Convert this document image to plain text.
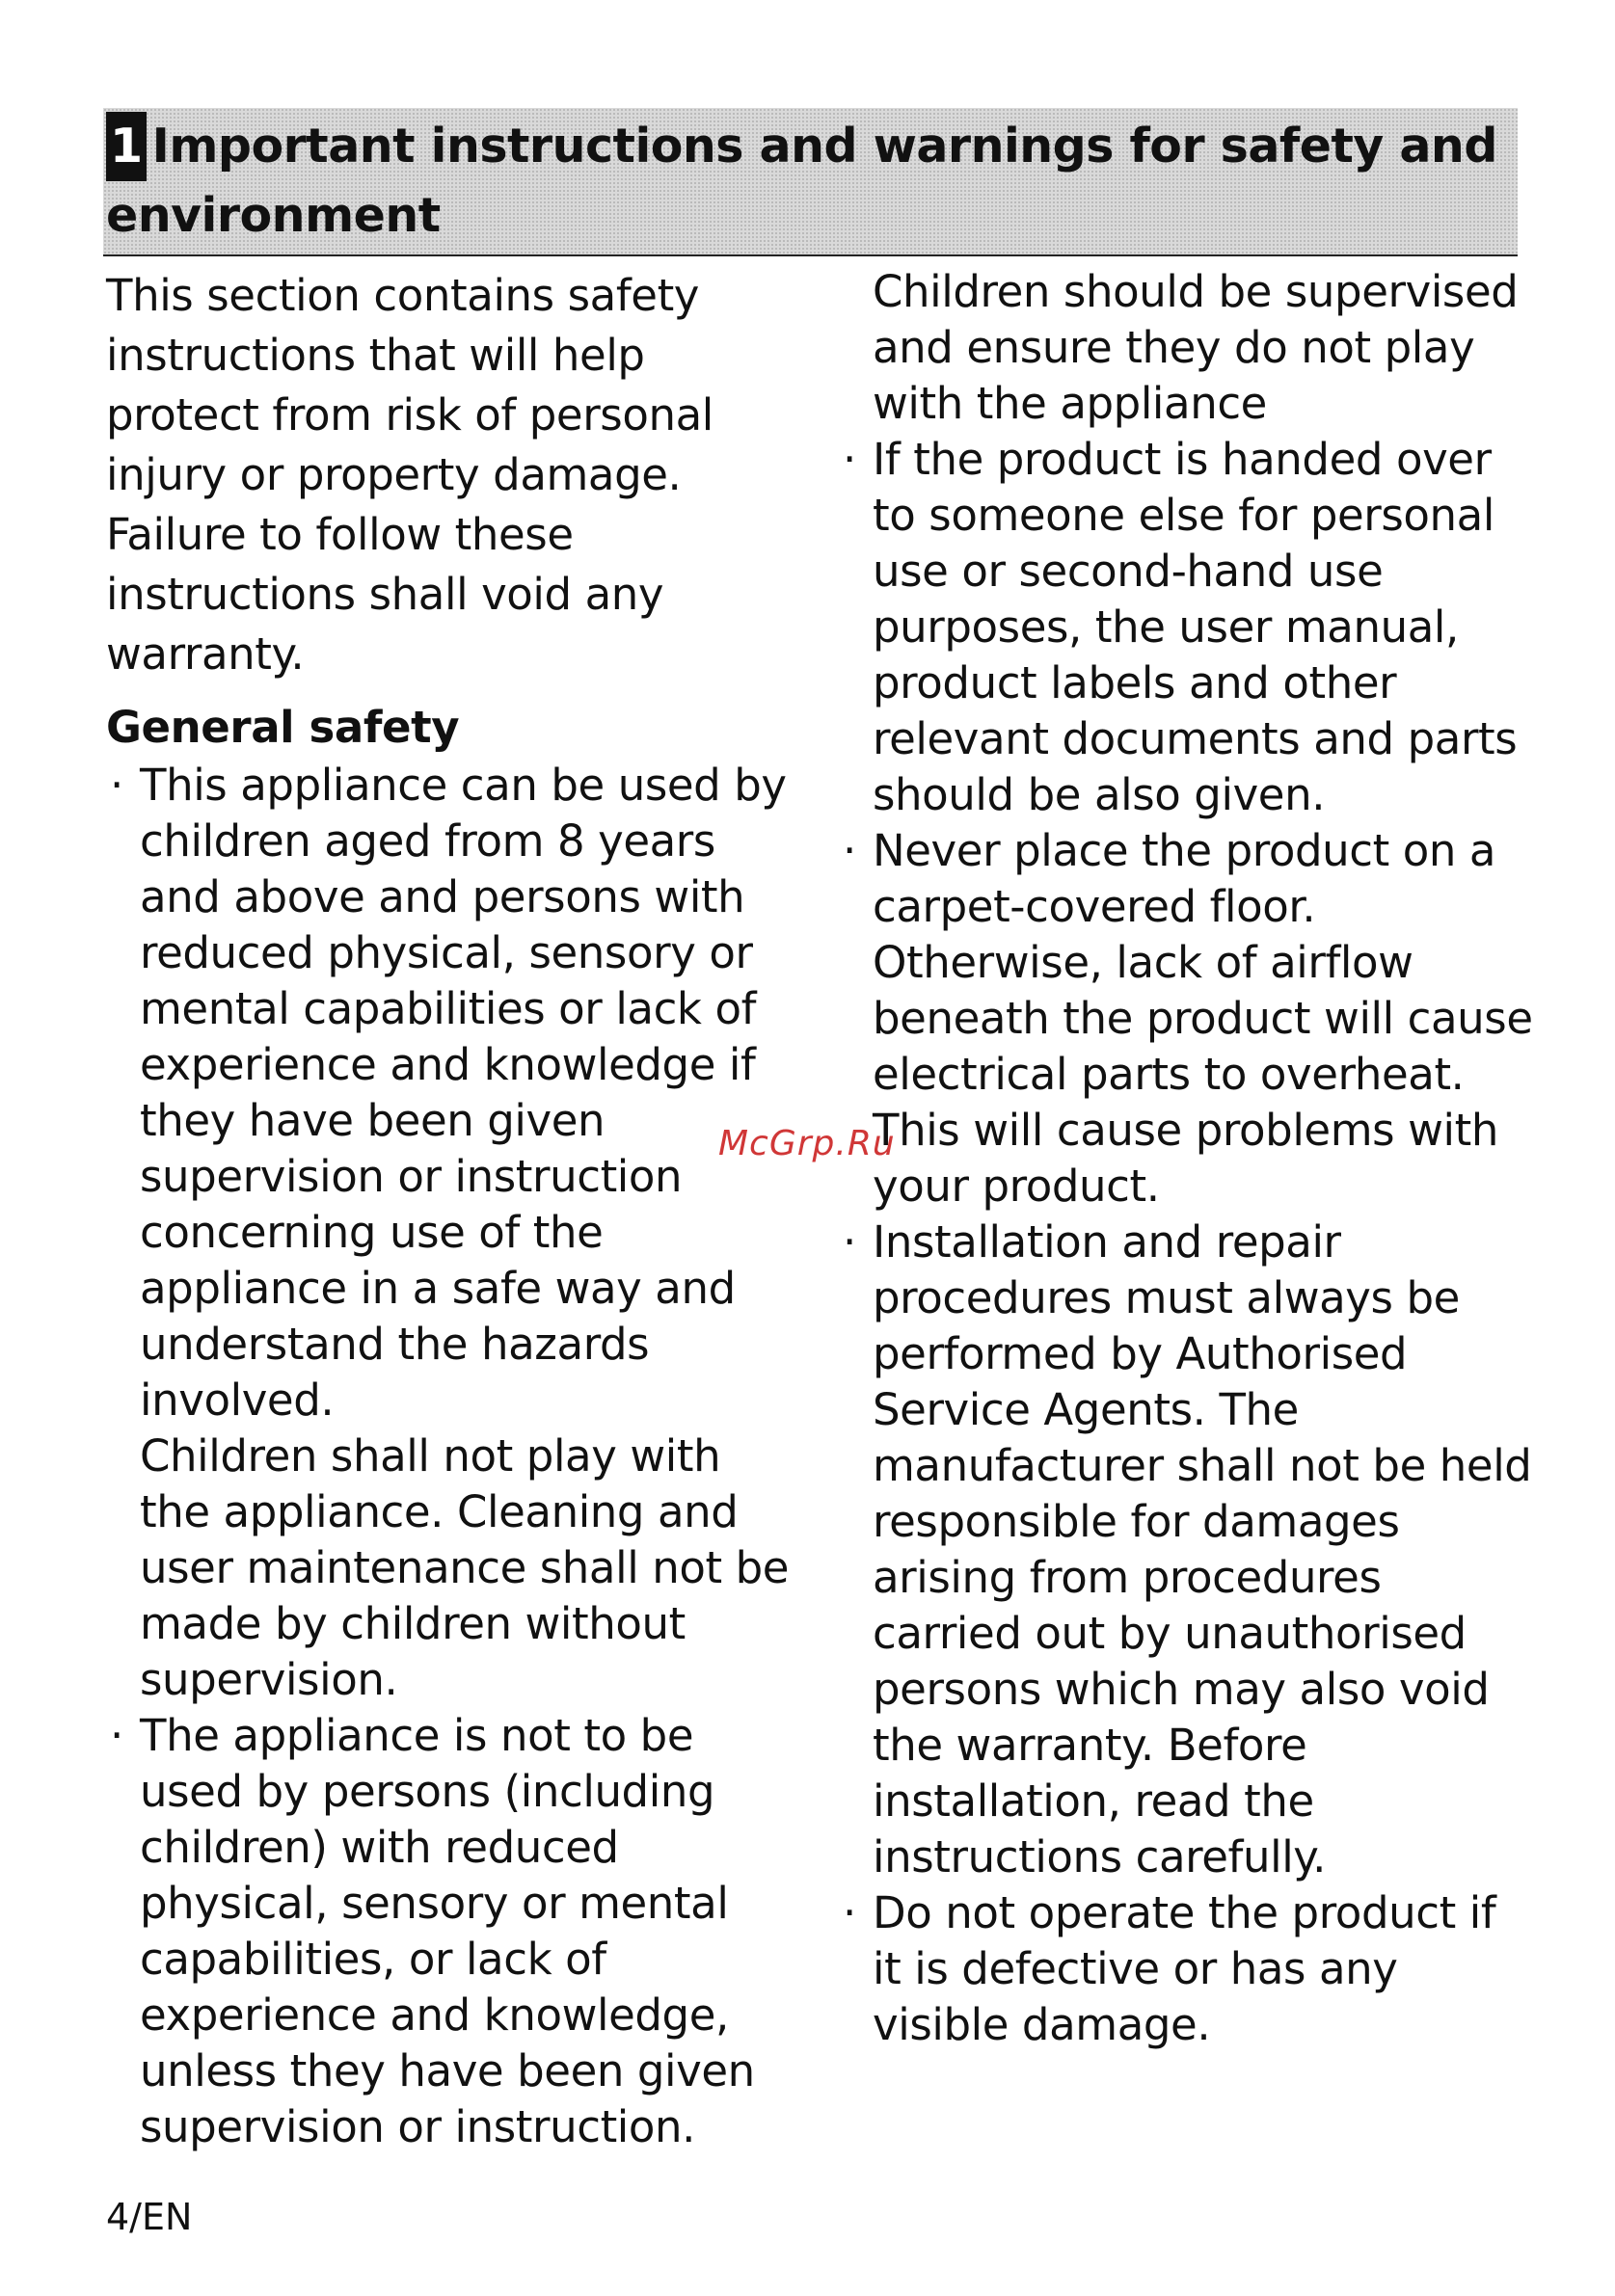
1 Important instructions and warnings for safety and environment

This section contains safety instructions that will help protect from risk of personal injury or property damage. Failure to follow these instructions shall void any warranty.

General safety
· This appliance can be used by children aged from 8 years and above and persons with reduced physical, sensory or mental capabilities or lack of experience and knowledge if they have been given supervision or instruction concerning use of the appliance in a safe way and understand the hazards involved.
Children shall not play with the appliance. Cleaning and user maintenance shall not be made by children without supervision.
· The appliance is not to be used by persons (including children) with reduced physical, sensory or mental capabilities, or lack of experience and knowledge, unless they have been given supervision or instruction.
Children should be supervised and ensure they do not play with the appliance
· If the product is handed over to someone else for personal use or second-hand use purposes, the user manual, product labels and other relevant documents and parts should be also given.
· Never place the product on a carpet-covered floor. Otherwise, lack of airflow beneath the product will cause electrical parts to overheat. This will cause problems with your product.
· Installation and repair procedures must always be performed by Authorised Service Agents. The manufacturer shall not be held responsible for damages arising from procedures carried out by unauthorised persons which may also void the warranty. Before installation, read the instructions carefully.
· Do not operate the product if it is defective or has any visible damage.
McGrp.Ru
4/EN
